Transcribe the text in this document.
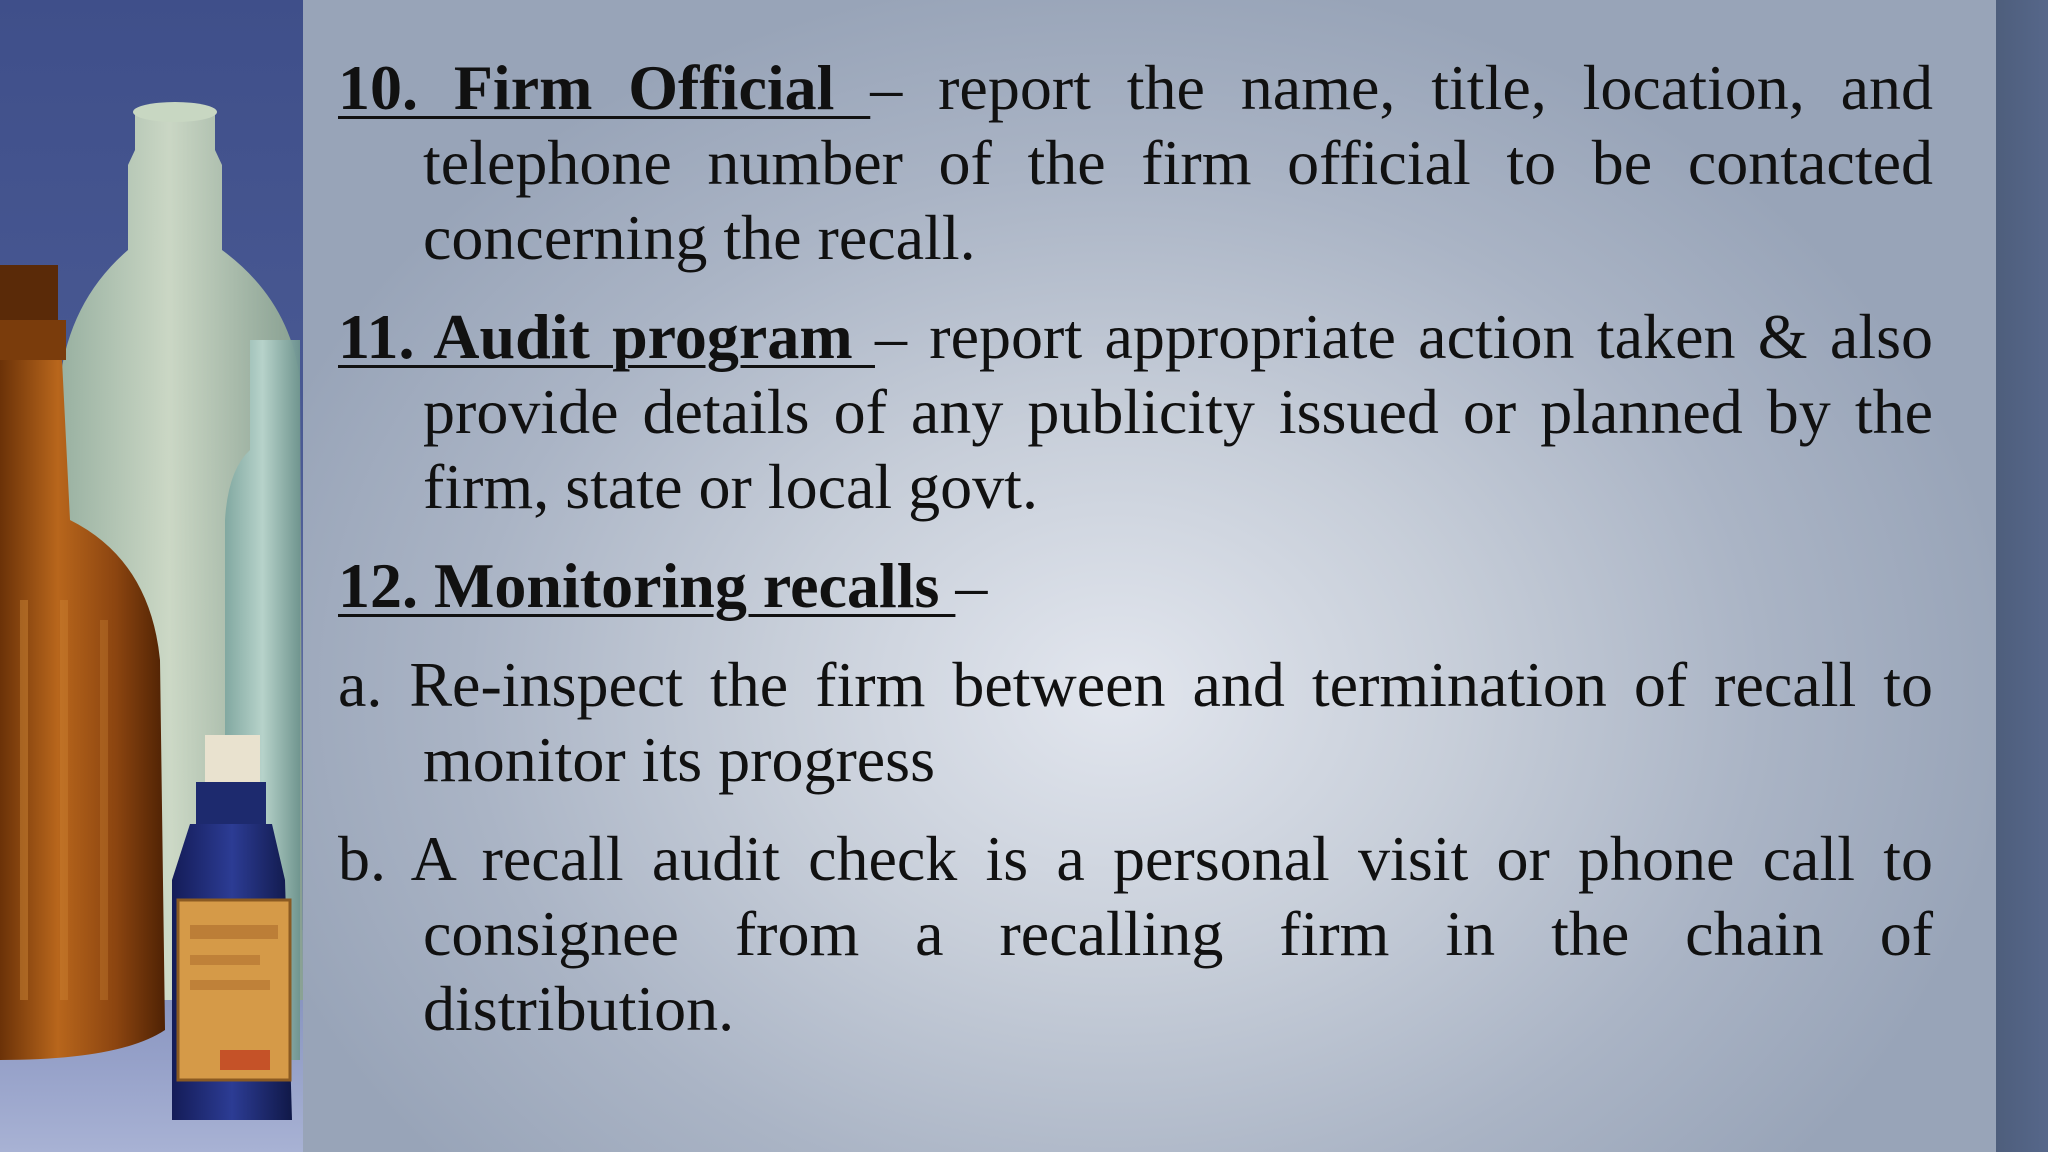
10. Firm Official – report the name, title, location, and telephone number of the firm official to be contacted concerning the recall.

11. Audit program – report appropriate action taken & also provide details of any publicity issued or planned by the firm, state or local govt.

12. Monitoring recalls –

a. Re-inspect the firm between and termination of recall to monitor its progress

b. A recall audit check is a personal visit or phone call to consignee from a recalling firm in the chain of distribution.
